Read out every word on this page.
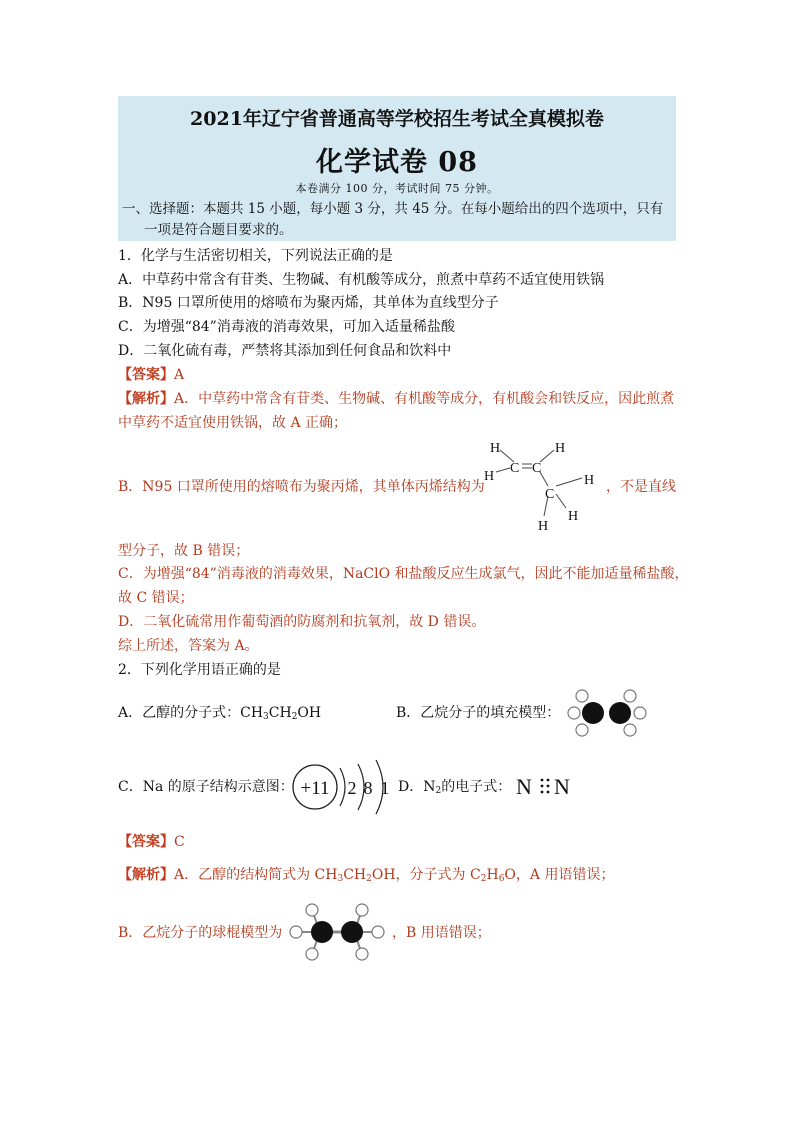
2021年辽宁省普通高等学校招生考试全真模拟卷
化学试卷 08
本卷满分 100 分，考试时间 75 分钟。
一、选择题：本题共 15 小题，每小题 3 分，共 45 分。在每小题给出的四个选项中，只有一项是符合题目要求的。
1．化学与生活密切相关，下列说法正确的是
A．中草药中常含有苷类、生物碱、有机酸等成分，煎煮中草药不适宜使用铁锅
B．N95 口罩所使用的熔喷布为聚丙烯，其单体为直线型分子
C．为增强“84”消毒液的消毒效果，可加入适量稀盐酸
D．二氧化硫有毒，严禁将其添加到任何食品和饮料中
【答案】A
【解析】A．中草药中常含有苷类、生物碱、有机酸等成分，有机酸会和铁反应，因此煎煮
中草药不适宜使用铁锅，故 A 正确；
B．N95 口罩所使用的熔喷布为聚丙烯，其单体丙烯结构为
H
H
C C
H
C
H
H
H
，不是直线
型分子，故 B 错误；
C．为增强“84”消毒液的消毒效果，NaClO 和盐酸反应生成氯气，因此不能加适量稀盐酸，
故 C 错误；
D．二氧化硫常用作葡萄酒的防腐剂和抗氧剂，故 D 错误。
综上所述，答案为 A。
2．下列化学用语正确的是
A．乙醇的分子式：$CH_3CH_2OH$	B．乙烷分子的填充模型：
C．Na 的原子结构示意图： +11 2 8 1 D．$N_2$的电子式： N N
【答案】C
【解析】A．乙醇的结构简式为 $CH_3CH_2OH$，分子式为 $C_2H_6O$，A 用语错误；
B．乙烷分子的球棍模型为	，B 用语错误；
